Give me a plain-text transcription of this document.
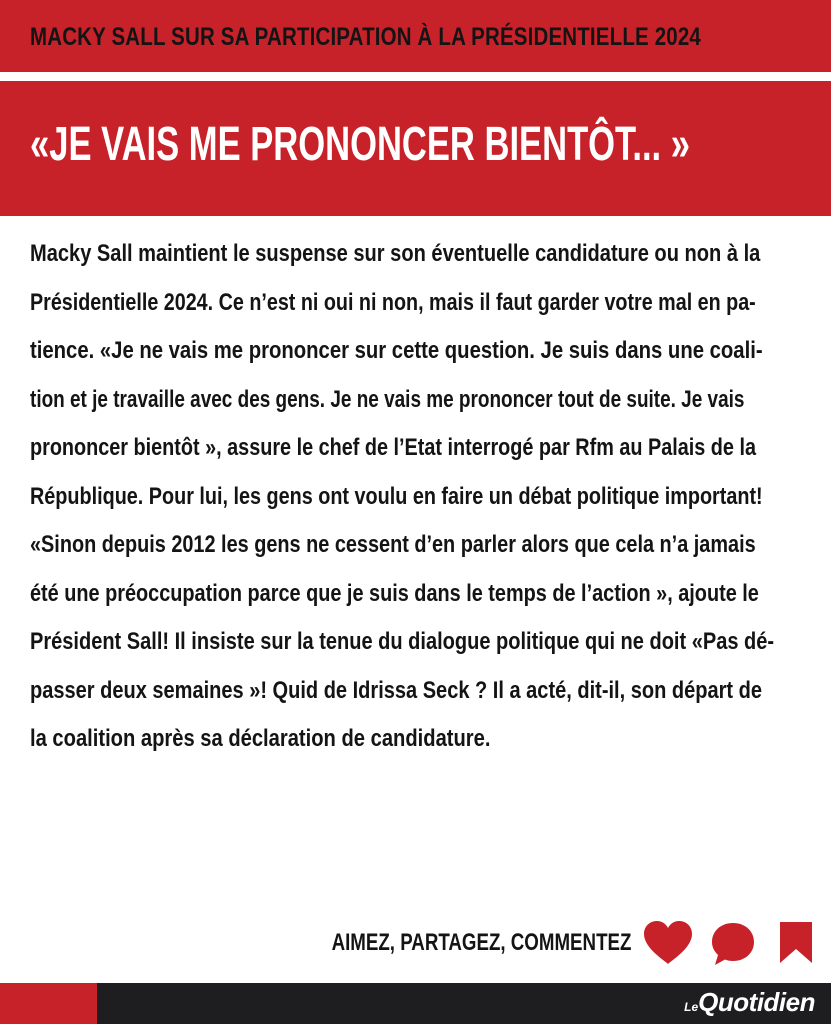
MACKY SALL SUR SA PARTICIPATION À LA PRÉSIDENTIELLE 2024
«JE VAIS ME PRONONCER BIENTÔT... »
Macky Sall maintient le suspense sur son éventuelle candidature ou non à la
Présidentielle 2024. Ce n’est ni oui ni non, mais il faut garder votre mal en pa-
tience. «Je ne vais me prononcer sur cette question. Je suis dans une coali-
tion et je travaille avec des gens. Je ne vais me prononcer tout de suite. Je vais
prononcer bientôt », assure le chef de l’Etat interrogé par Rfm au Palais de la
République. Pour lui, les gens ont voulu en faire un débat politique important!
«Sinon depuis 2012 les gens ne cessent d’en parler alors que cela n’a jamais
été une préoccupation parce que je suis dans le temps de l’action », ajoute le
Président Sall! Il insiste sur la tenue du dialogue politique qui ne doit «Pas dé-
passer deux semaines »! Quid de Idrissa Seck ? Il a acté, dit-il, son départ de
la coalition après sa déclaration de candidature.
AIMEZ, PARTAGEZ, COMMENTEZ
LeQuotidien
